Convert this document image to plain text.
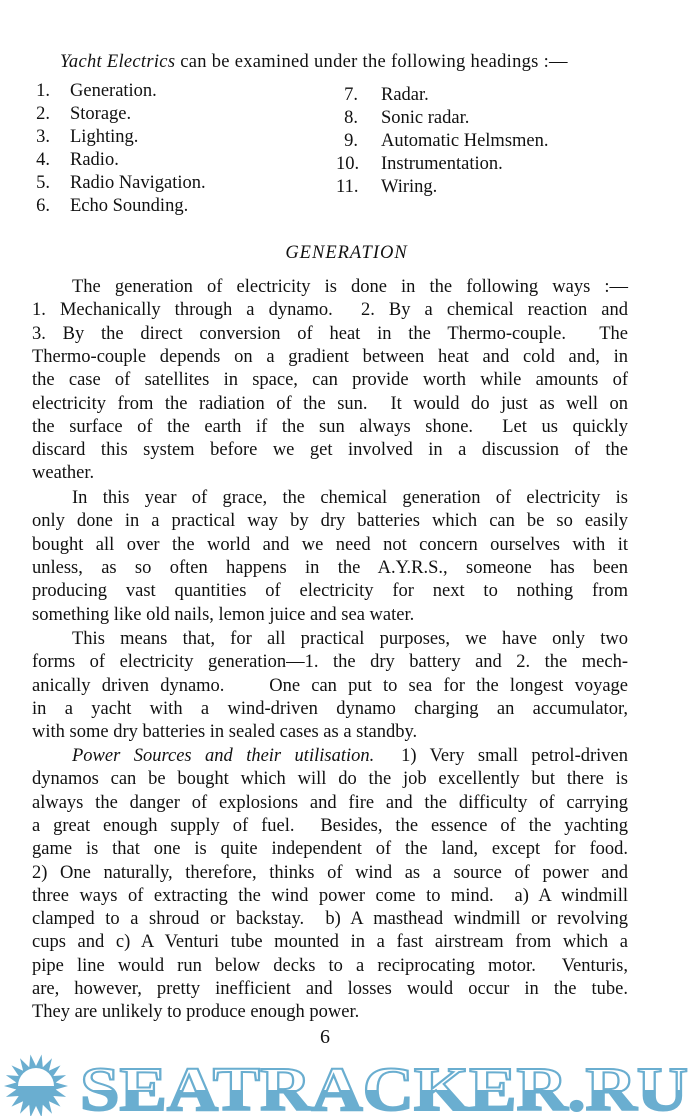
Yacht Electrics can be examined under the following headings :—
1. Generation.
2. Storage.
3. Lighting.
4. Radio.
5. Radio Navigation.
6. Echo Sounding.
7. Radar.
8. Sonic radar.
9. Automatic Helmsmen.
10. Instrumentation.
11. Wiring.
GENERATION
The generation of electricity is done in the following ways :—
1. Mechanically through a dynamo.  2. By a chemical reaction and
3. By the direct conversion of heat in the Thermo-couple.  The
Thermo-couple depends on a gradient between heat and cold and, in
the case of satellites in space, can provide worth while amounts of
electricity from the radiation of the sun.  It would do just as well on
the surface of the earth if the sun always shone.  Let us quickly
discard this system before we get involved in a discussion of the
weather.
In this year of grace, the chemical generation of electricity is
only done in a practical way by dry batteries which can be so easily
bought all over the world and we need not concern ourselves with it
unless, as so often happens in the A.Y.R.S., someone has been
producing vast quantities of electricity for next to nothing from
something like old nails, lemon juice and sea water.
This means that, for all practical purposes, we have only two
forms of electricity generation—1. the dry battery and 2. the mech-
anically driven dynamo.    One can put to sea for the longest voyage
in a yacht with a wind-driven dynamo charging an accumulator,
with some dry batteries in sealed cases as a standby.
Power Sources and their utilisation.  1) Very small petrol-driven
dynamos can be bought which will do the job excellently but there is
always the danger of explosions and fire and the difficulty of carrying
a great enough supply of fuel.  Besides, the essence of the yachting
game is that one is quite independent of the land, except for food.
2) One naturally, therefore, thinks of wind as a source of power and
three ways of extracting the wind power come to mind.  a) A windmill
clamped to a shroud or backstay.  b) A masthead windmill or revolving
cups and c) A Venturi tube mounted in a fast airstream from which a
pipe line would run below decks to a reciprocating motor.  Venturis,
are, however, pretty inefficient and losses would occur in the tube.
They are unlikely to produce enough power.
6
SEATRACKER.RU
